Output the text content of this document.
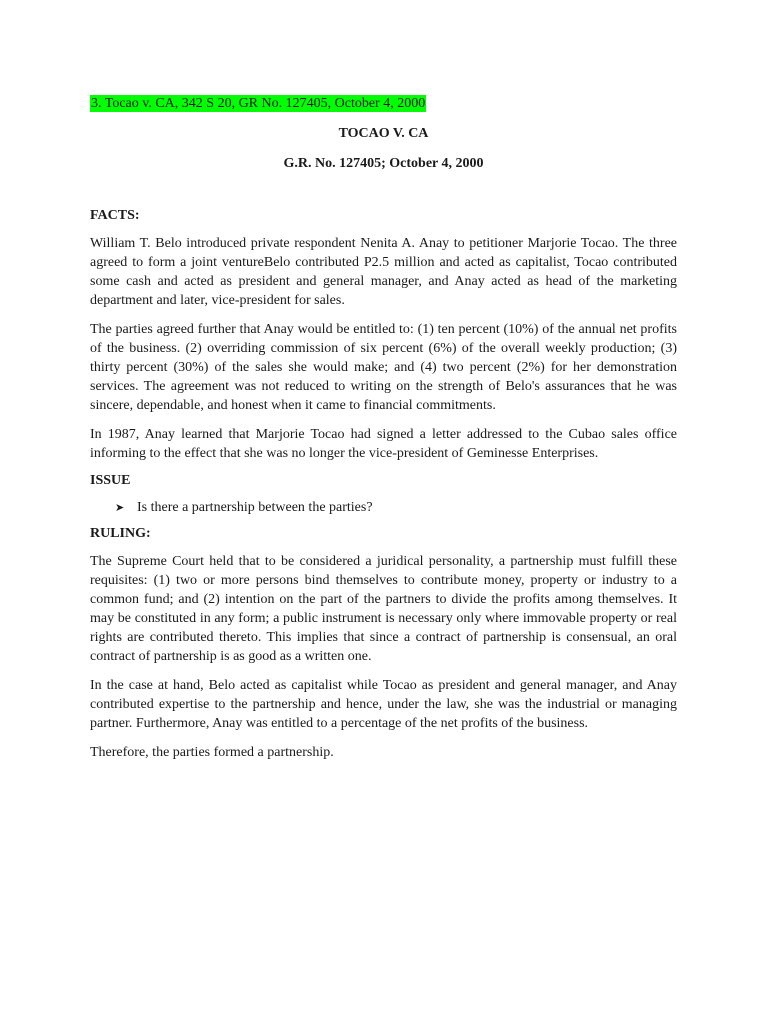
3. Tocao v. CA, 342 S 20, GR No. 127405, October 4, 2000
TOCAO V. CA
G.R. No. 127405; October 4, 2000
FACTS:

William T. Belo introduced private respondent Nenita A. Anay to petitioner Marjorie Tocao. The three agreed to form a joint ventureBelo contributed P2.5 million and acted as capitalist, Tocao contributed some cash and acted as president and general manager, and Anay acted as head of the marketing department and later, vice-president for sales.

The parties agreed further that Anay would be entitled to: (1) ten percent (10%) of the annual net profits of the business. (2) overriding commission of six percent (6%) of the overall weekly production; (3) thirty percent (30%) of the sales she would make; and (4) two percent (2%) for her demonstration services. The agreement was not reduced to writing on the strength of Belo's assurances that he was sincere, dependable, and honest when it came to financial commitments.

In 1987, Anay learned that Marjorie Tocao had signed a letter addressed to the Cubao sales office informing to the effect that she was no longer the vice-president of Geminesse Enterprises.

ISSUE
➤ Is there a partnership between the parties?
RULING:

The Supreme Court held that to be considered a juridical personality, a partnership must fulfill these requisites: (1) two or more persons bind themselves to contribute money, property or industry to a common fund; and (2) intention on the part of the partners to divide the profits among themselves. It may be constituted in any form; a public instrument is necessary only where immovable property or real rights are contributed thereto. This implies that since a contract of partnership is consensual, an oral contract of partnership is as good as a written one.

In the case at hand, Belo acted as capitalist while Tocao as president and general manager, and Anay contributed expertise to the partnership and hence, under the law, she was the industrial or managing partner. Furthermore, Anay was entitled to a percentage of the net profits of the business.

Therefore, the parties formed a partnership.
